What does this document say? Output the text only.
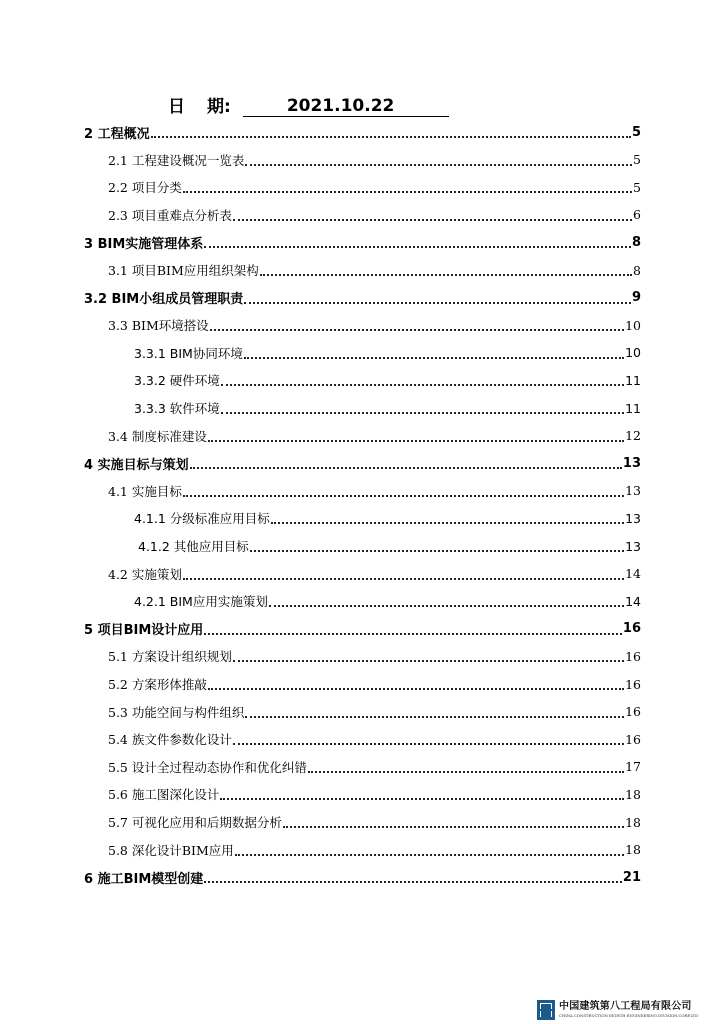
日 期:	2021.10.22
2 工程概况	5
2.1 工程建设概况一览表	5
2.2 项目分类	5
2.3 项目重难点分析表	6
3 BIM实施管理体系	8
3.1 项目BIM应用组织架构	8
3.2 BIM小组成员管理职责	9
3.3 BIM环境搭设	10
3.3.1 BIM协同环境	10
3.3.2 硬件环境	11
3.3.3 软件环境	11
3.4 制度标准建设	12
4 实施目标与策划	13
4.1 实施目标	13
4.1.1 分级标准应用目标	13
4.1.2 其他应用目标	13
4.2 实施策划	14
4.2.1 BIM应用实施策划	14
5 项目BIM设计应用	16
5.1 方案设计组织规划	16
5.2 方案形体推敲	16
5.3 功能空间与构件组织	16
5.4 族文件参数化设计	16
5.5 设计全过程动态协作和优化纠错	17
5.6 施工图深化设计	18
5.7 可视化应用和后期数据分析	18
5.8 深化设计BIM应用	18
6 施工BIM模型创建	21
中国建筑第八工程局有限公司
CHINA CONSTRUCTION EIGHTH ENGINEERING DIVISION.CORP.LTD
